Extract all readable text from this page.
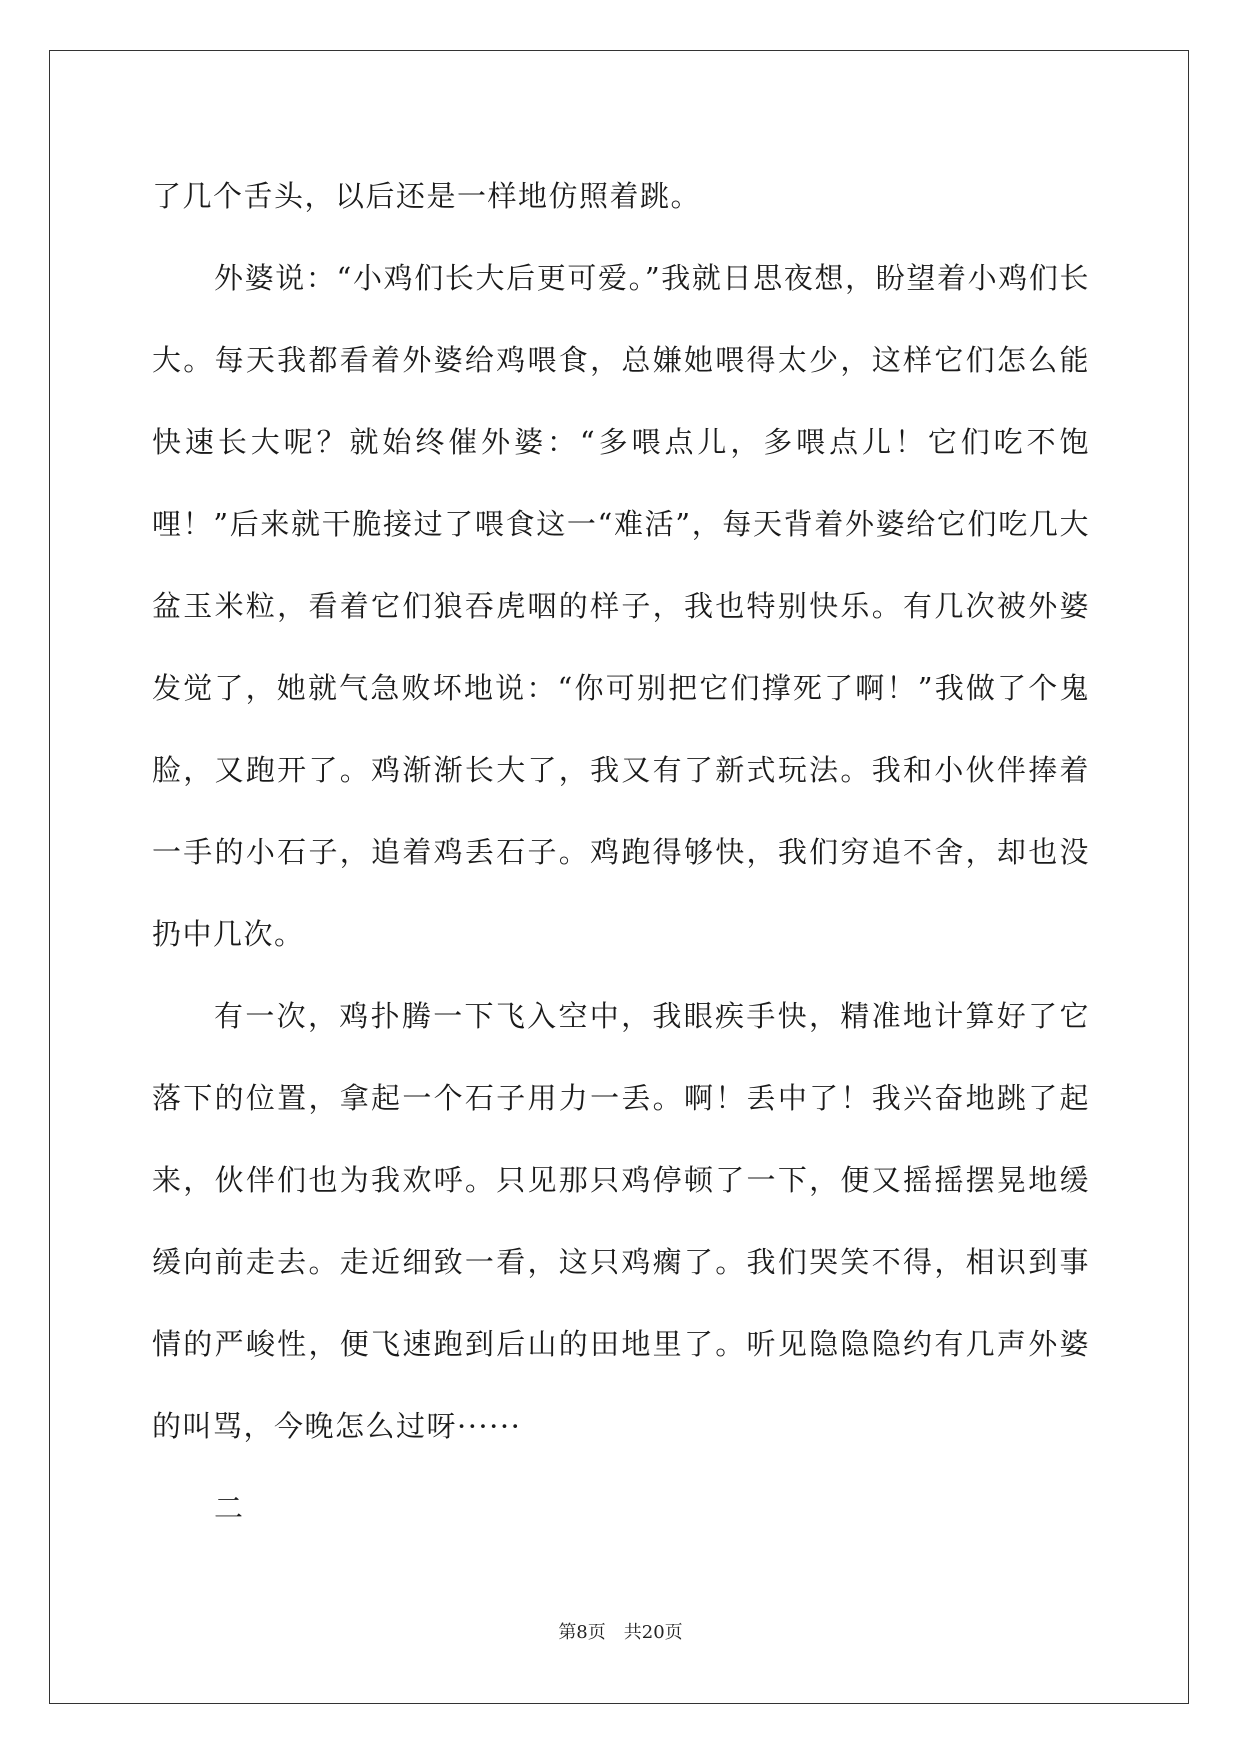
了几个舌头，以后还是一样地仿照着跳。

外婆说：“小鸡们长大后更可爱。”我就日思夜想，盼望着小鸡们长大。每天我都看着外婆给鸡喂食，总嫌她喂得太少，这样它们怎么能快速长大呢？就始终催外婆：“多喂点儿，多喂点儿！它们吃不饱哩！”后来就干脆接过了喂食这一“难活”，每天背着外婆给它们吃几大盆玉米粒，看着它们狼吞虎咽的样子，我也特别快乐。有几次被外婆发觉了，她就气急败坏地说：“你可别把它们撑死了啊！”我做了个鬼脸，又跑开了。鸡渐渐长大了，我又有了新式玩法。我和小伙伴捧着一手的小石子，追着鸡丢石子。鸡跑得够快，我们穷追不舍，却也没扔中几次。

有一次，鸡扑腾一下飞入空中，我眼疾手快，精准地计算好了它落下的位置，拿起一个石子用力一丢。啊！丢中了！我兴奋地跳了起来，伙伴们也为我欢呼。只见那只鸡停顿了一下，便又摇摇摆晃地缓缓向前走去。走近细致一看，这只鸡瘸了。我们哭笑不得，相识到事情的严峻性，便飞速跑到后山的田地里了。听见隐隐隐约有几声外婆的叫骂，今晚怎么过呀······

二

第8页　共20页
